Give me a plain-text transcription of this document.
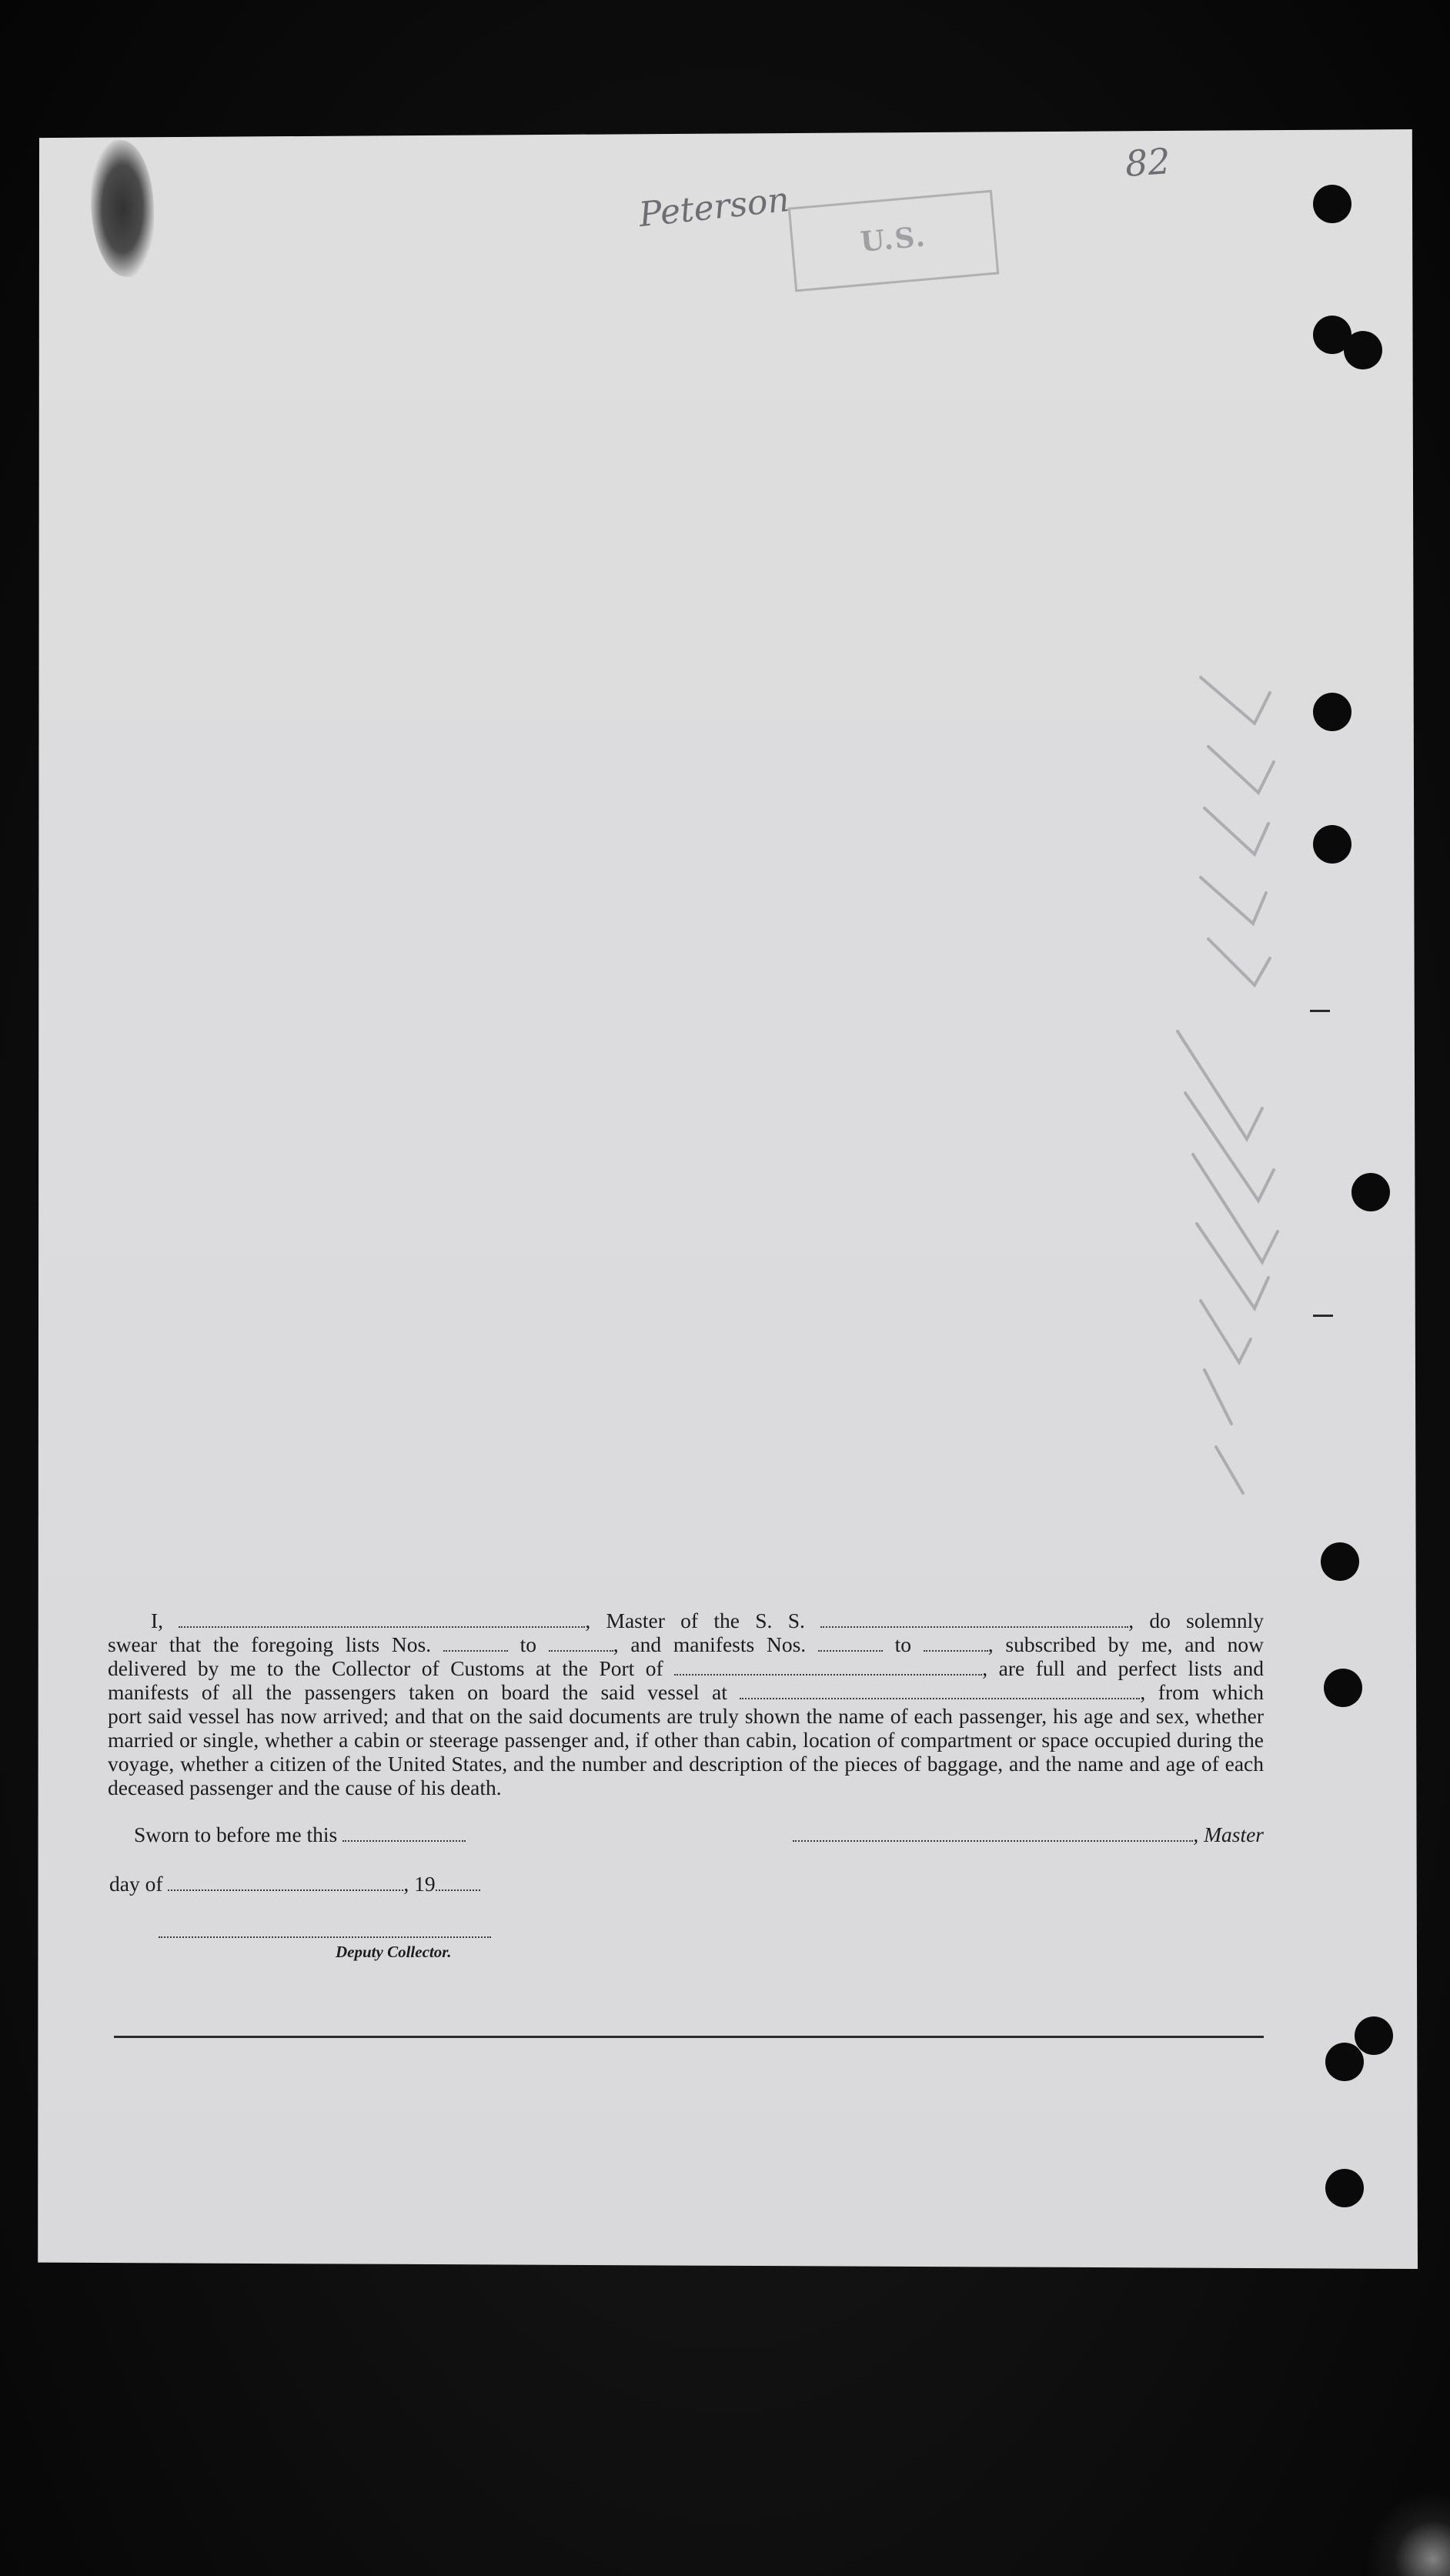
82
Peterson
U.S.
I,	, Master of the S. S.	, do solemnly
swear that the foregoing lists Nos.	to	, and manifests Nos.	to	, subscribed by me, and now
delivered by me to the Collector of Customs at the Port of	, are full and perfect lists and
manifests of all the passengers taken on board the said vessel at	, from which
port said vessel has now arrived; and that on the said documents are truly shown the name of each passenger, his age and sex, whether married or single, whether a cabin or steerage passenger and, if other than cabin, location of compartment or space occupied during the voyage, whether a citizen of the United States, and the number and description of the pieces of baggage, and the name and age of each deceased passenger and the cause of his death.
Sworn to before me this	, Master
day of	, 19
Deputy Collector.
